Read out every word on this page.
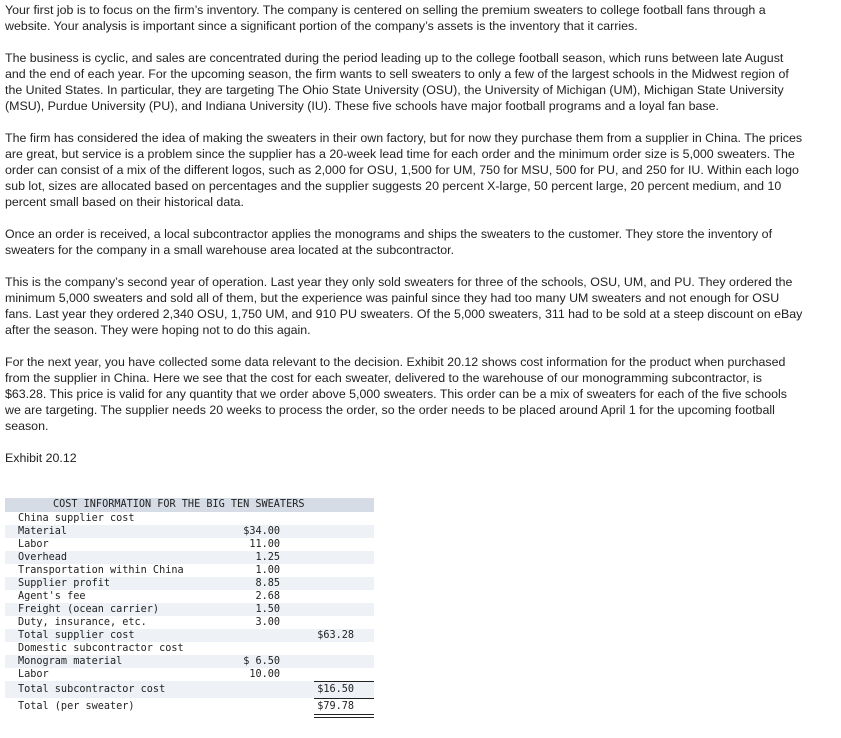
Your first job is to focus on the firm’s inventory. The company is centered on selling the premium sweaters to college football fans through a website. Your analysis is important since a significant portion of the company’s assets is the inventory that it carries.

The business is cyclic, and sales are concentrated during the period leading up to the college football season, which runs between late August and the end of each year. For the upcoming season, the firm wants to sell sweaters to only a few of the largest schools in the Midwest region of the United States. In particular, they are targeting The Ohio State University (OSU), the University of Michigan (UM), Michigan State University (MSU), Purdue University (PU), and Indiana University (IU). These five schools have major football programs and a loyal fan base.

The firm has considered the idea of making the sweaters in their own factory, but for now they purchase them from a supplier in China. The prices are great, but service is a problem since the supplier has a 20-week lead time for each order and the minimum order size is 5,000 sweaters. The order can consist of a mix of the different logos, such as 2,000 for OSU, 1,500 for UM, 750 for MSU, 500 for PU, and 250 for IU. Within each logo sub lot, sizes are allocated based on percentages and the supplier suggests 20 percent X-large, 50 percent large, 20 percent medium, and 10 percent small based on their historical data.

Once an order is received, a local subcontractor applies the monograms and ships the sweaters to the customer. They store the inventory of sweaters for the company in a small warehouse area located at the subcontractor.

This is the company’s second year of operation. Last year they only sold sweaters for three of the schools, OSU, UM, and PU. They ordered the minimum 5,000 sweaters and sold all of them, but the experience was painful since they had too many UM sweaters and not enough for OSU fans. Last year they ordered 2,340 OSU, 1,750 UM, and 910 PU sweaters. Of the 5,000 sweaters, 311 had to be sold at a steep discount on eBay after the season. They were hoping not to do this again.

For the next year, you have collected some data relevant to the decision. Exhibit 20.12 shows cost information for the product when purchased from the supplier in China. Here we see that the cost for each sweater, delivered to the warehouse of our monogramming subcontractor, is $63.28. This price is valid for any quantity that we order above 5,000 sweaters. This order can be a mix of sweaters for each of the five schools we are targeting. The supplier needs 20 weeks to process the order, so the order needs to be placed around April 1 for the upcoming football season.

Exhibit 20.12
COST INFORMATION FOR THE BIG TEN SWEATERS
China supplier cost
Material	$34.00
Labor	11.00
Overhead	1.25
Transportation within China	1.00
Supplier profit	8.85
Agent's fee	2.68
Freight (ocean carrier)	1.50
Duty, insurance, etc.	3.00
Total supplier cost	$63.28
Domestic subcontractor cost
Monogram material	$ 6.50
Labor	10.00
Total subcontractor cost	$16.50
Total (per sweater)	$79.78
